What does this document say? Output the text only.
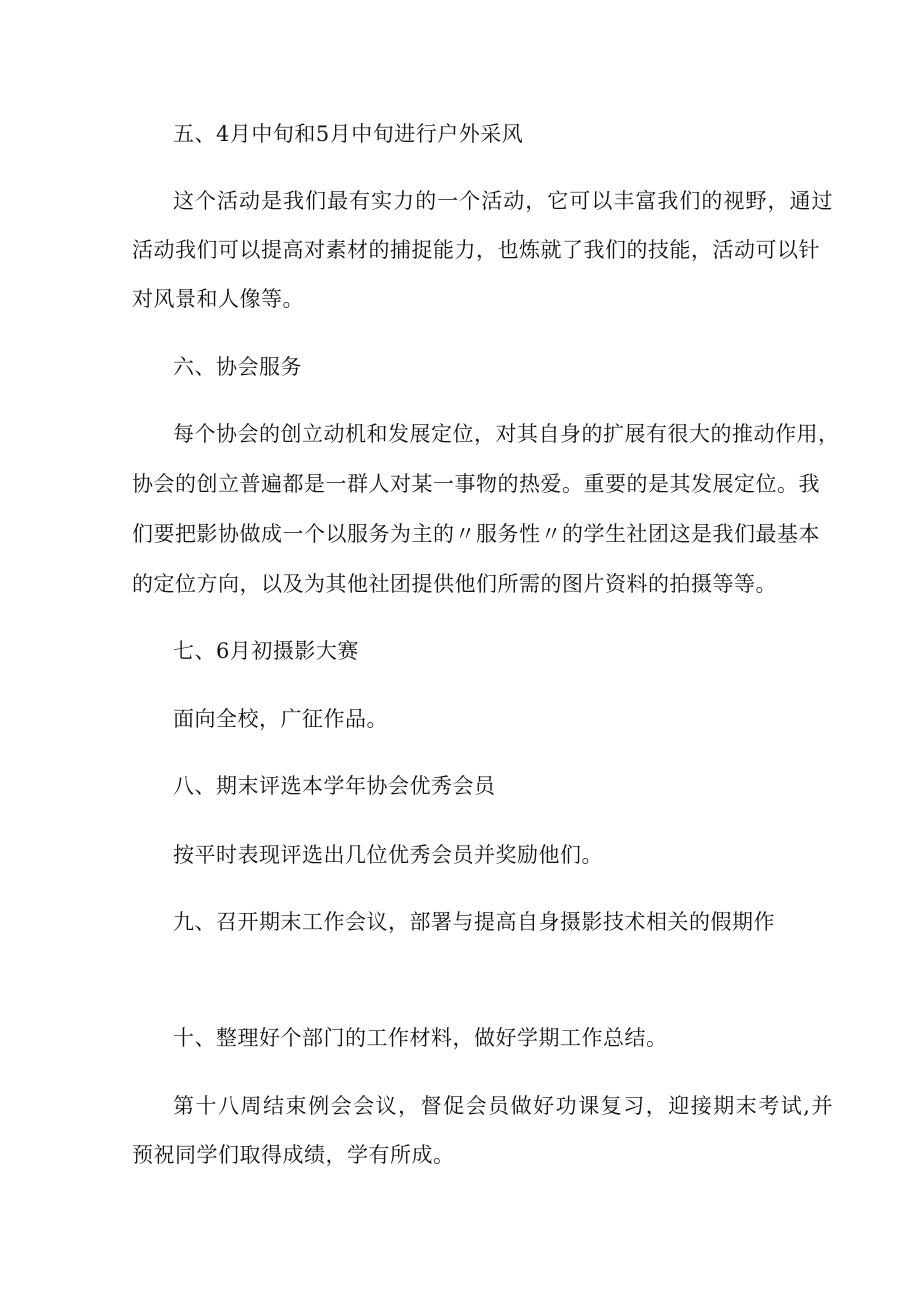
五、4月中旬和5月中旬进行户外采风

这个活动是我们最有实力的一个活动，它可以丰富我们的视野，通过

活动我们可以提高对素材的捕捉能力，也炼就了我们的技能，活动可以针

对风景和人像等。

六、协会服务

每个协会的创立动机和发展定位，对其自身的扩展有很大的推动作用，

协会的创立普遍都是一群人对某一事物的热爱。重要的是其发展定位。我

们要把影协做成一个以服务为主的〃服务性〃的学生社团这是我们最基本

的定位方向，以及为其他社团提供他们所需的图片资料的拍摄等等。

七、6月初摄影大赛

面向全校，广征作品。

八、期末评选本学年协会优秀会员

按平时表现评选出几位优秀会员并奖励他们。

九、召开期末工作会议，部署与提高自身摄影技术相关的假期作

十、整理好个部门的工作材料，做好学期工作总结。

第十八周结束例会会议，督促会员做好功课复习，迎接期末考试,并

预祝同学们取得成绩，学有所成。
